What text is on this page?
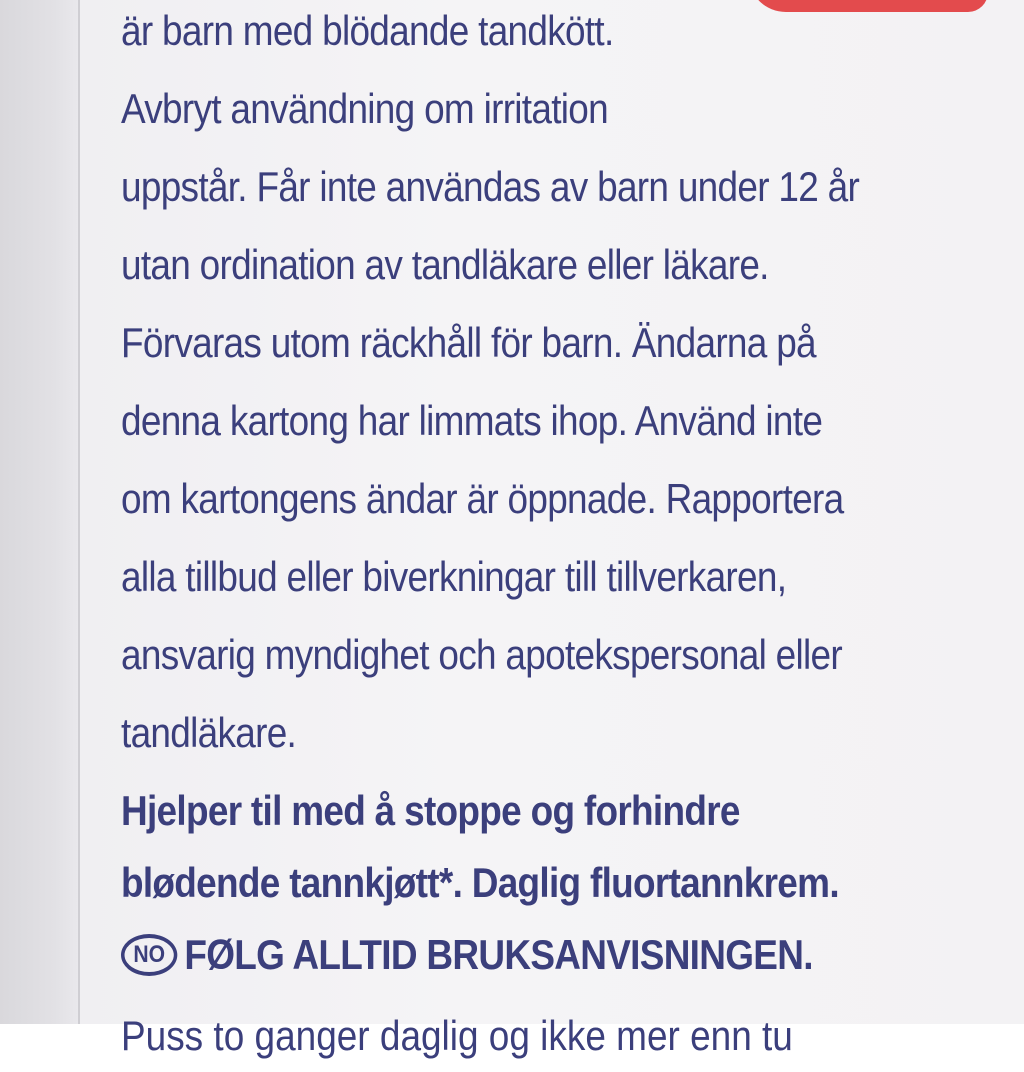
är barn med blödande tandkött.
Avbryt användning om irritation
uppstår. Får inte användas av barn under 12 år
utan ordination av tandläkare eller läkare.
Förvaras utom räckhåll för barn. Ändarna på
denna kartong har limmats ihop. Använd inte
om kartongens ändar är öppnade. Rapportera
alla tillbud eller biverkningar till tillverkaren,
ansvarig myndighet och apotekspersonal eller
tandläkare.
Hjelper til med å stoppe og forhindre
blødende tannkjøtt*. Daglig fluortannkrem.
NO FØLG ALLTID BRUKSANVISNINGEN.
Puss to ganger daglig og ikke mer enn tu
